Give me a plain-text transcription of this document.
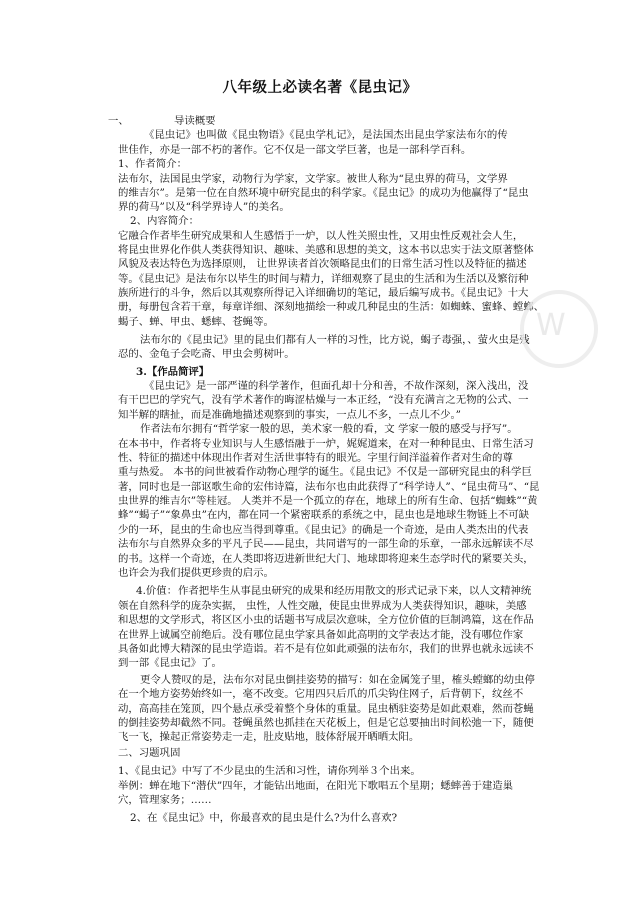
八年级上必读名著《昆虫记》
一、	导读概要
《昆虫记》也叫做《昆虫物语》《昆虫学札记》，是法国杰出昆虫学家法布尔的传
世佳作，亦是一部不朽的著作。它不仅是一部文学巨著，也是一部科学百科。
1、作者简介：
法布尔，法国昆虫学家，动物行为学家，文学家。被世人称为“昆虫界的荷马，文学界
的维吉尔”。是第一位在自然环境中研究昆虫的科学家。《昆虫记》的成功为他赢得了“昆虫
界的荷马”以及“科学界诗人”的美名。
2、内容简介：
它融合作者毕生研究成果和人生感悟于一炉，以人性关照虫性，又用虫性反观社会人生，
将昆虫世界化作供人类获得知识、趣味、美感和思想的美文，这本书以忠实于法文原著整体
风貌及表达特色为选择原则， 让世界读者首次领略昆虫们的日常生活习性以及特征的描述
等。《昆虫记》是法布尔以毕生的时间与精力，详细观察了昆虫的生活和为生活以及繁衍种
族所进行的斗争，然后以其观察所得记入详细确切的笔记，最后编写成书。《昆虫记》十大
册，每册包含若干章，每章详细、深刻地描绘一种或几种昆虫的生活：如蜘蛛、蜜蜂、螳螂、
蝎子、蝉、甲虫、蟋蟀、苍蝇等。
法布尔的《昆虫记》里的昆虫们都有人一样的习性，比方说，蝎子毒强，、萤火虫是残
忍的、金龟子会吃斋、甲虫会剪树叶。
3.【作品简评】
《昆虫记》是一部严谨的科学著作，但面孔却十分和善，不故作深刻，深入浅出，没
有干巴巴的学究气，没有学术著作的晦涩枯燥与一本正经，“没有充满言之无物的公式、一
知半解的瞎扯，而是准确地描述观察到的事实，一点儿不多，一点儿不少。”
作者法布尔拥有“哲学家一般的思，美术家一般的看，文 学家一般的感受与抒写”。
在本书中，作者将专业知识与人生感悟融于一炉，娓娓道来，在对一种种昆虫、日常生活习
性、特征的描述中体现出作者对生活世事特有的眼光。字里行间洋溢着作者对生命的尊
重与热爱。 本书的问世被看作动物心理学的诞生。《昆虫记》不仅是一部研究昆虫的科学巨
著，同时也是一部讴歌生命的宏伟诗篇，法布尔也由此获得了“科学诗人”、“昆虫荷马”、“昆
虫世界的维吉尔”等桂冠。 人类并不是一个孤立的存在，地球上的所有生命、包括“蜘蛛”“黄
蜂”“蝎子”“象鼻虫”在内，都在同一个紧密联系的系统之中，昆虫也是地球生物链上不可缺
少的一环，昆虫的生命也应当得到尊重。《昆虫记》的确是一个奇迹，是由人类杰出的代表
法布尔与自然界众多的平凡子民——昆虫，共同谱写的一部生命的乐章，一部永远解读不尽
的书。这样一个奇迹，在人类即将迈进新世纪大门、地球即将迎来生态学时代的紧要关头，
也许会为我们提供更珍贵的启示。
4.价值： 作者把毕生从事昆虫研究的成果和经历用散文的形式记录下来，以人文精神统
领在自然科学的庞杂实据， 虫性，人性交融，使昆虫世界成为人类获得知识，趣味，美感
和思想的文学形式，将区区小虫的话题书写成层次意味，全方位价值的巨制鸿篇，这在作品
在世界上诚属空前绝后。没有哪位昆虫学家具备如此高明的文学表达才能，没有哪位作家
具备如此博大精深的昆虫学造诣。若不是有位如此顽强的法布尔，我们的世界也就永远读不
到一部《昆虫记》了。
更令人赞叹的是，法布尔对昆虫倒挂姿势的描写：如在金属笼子里，榷头螳螂的幼虫停
在一个地方姿势始终如一，毫不改变。它用四只后爪的爪尖钩住网子，后背朝下，纹丝不
动，高高挂在笼顶，四个悬点承受着整个身体的重量。昆虫栖驻姿势是如此艰难，然而苍蝇
的倒挂姿势却截然不同。苍蝇虽然也抓挂在天花板上，但是它总要抽出时间松弛一下，随便
飞一飞，操起正常姿势走一走，肚皮贴地，肢体舒展开晒晒太阳。
二、习题巩固
1、《昆虫记》中写了不少昆虫的生活和习性，请你列举３个出来。
举例：蝉在地下“潜伏”四年，才能钻出地面，在阳光下歌唱五个星期；蟋蟀善于建造巢
穴，管理家务；……
2、在《昆虫记》中，你最喜欢的昆虫是什么?为什么喜欢?
W
